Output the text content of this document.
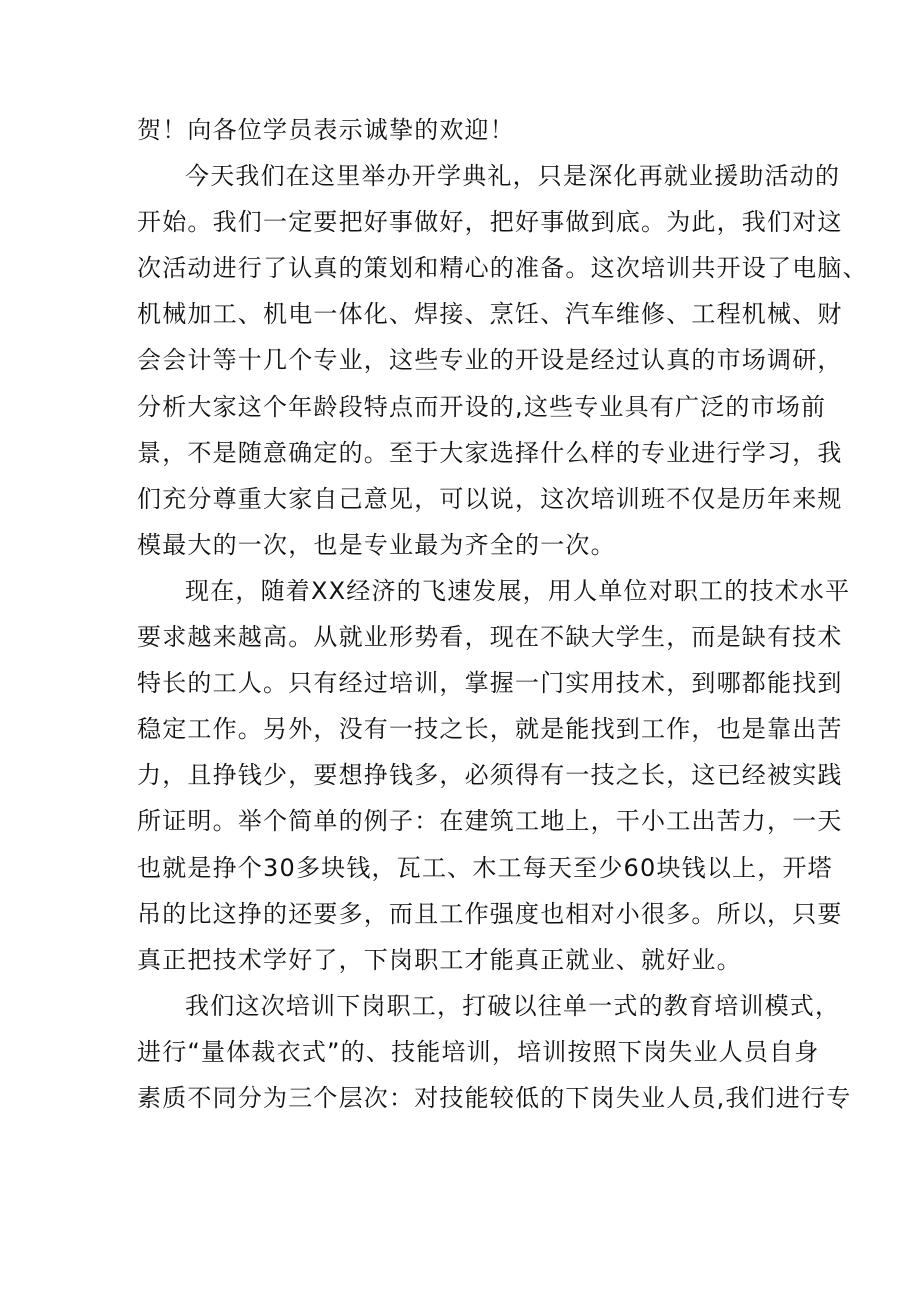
贺！向各位学员表示诚挚的欢迎！
今天我们在这里举办开学典礼，只是深化再就业援助活动的
开始。我们一定要把好事做好，把好事做到底。为此，我们对这
次活动进行了认真的策划和精心的准备。这次培训共开设了电脑、
机械加工、机电一体化、焊接、烹饪、汽车维修、工程机械、财
会会计等十几个专业，这些专业的开设是经过认真的市场调研，
分析大家这个年龄段特点而开设的,这些专业具有广泛的市场前
景，不是随意确定的。至于大家选择什么样的专业进行学习，我
们充分尊重大家自己意见，可以说，这次培训班不仅是历年来规
模最大的一次，也是专业最为齐全的一次。
现在，随着XX经济的飞速发展，用人单位对职工的技术水平
要求越来越高。从就业形势看，现在不缺大学生，而是缺有技术
特长的工人。只有经过培训，掌握一门实用技术，到哪都能找到
稳定工作。另外，没有一技之长，就是能找到工作，也是靠出苦
力，且挣钱少，要想挣钱多，必须得有一技之长，这已经被实践
所证明。举个简单的例子：在建筑工地上，干小工出苦力，一天
也就是挣个30多块钱，瓦工、木工每天至少60块钱以上，开塔
吊的比这挣的还要多，而且工作强度也相对小很多。所以，只要
真正把技术学好了，下岗职工才能真正就业、就好业。
我们这次培训下岗职工，打破以往单一式的教育培训模式，
进行“量体裁衣式”的、技能培训，培训按照下岗失业人员自身
素质不同分为三个层次：对技能较低的下岗失业人员,我们进行专
